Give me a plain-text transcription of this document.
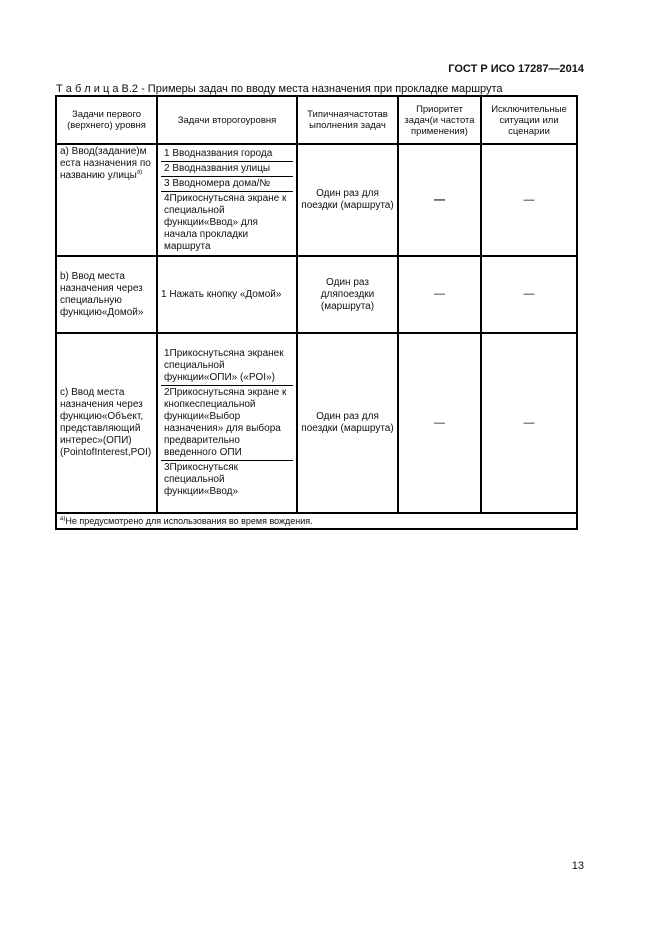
ГОСТ Р ИСО 17287—2014
Т а б л и ц а В.2 - Примеры задач по вводу места назначения при прокладке маршрута
Задачи первого (верхнего) уровня	Задачи второгоуровня	Типичнаячастотав ыполнения задач	Приоритет задач(и частота применения)	Исключительные ситуации или сценарии
a) Ввод(задание)м еста назначения по названию улицы$^{a)}$	1 Вводназвания города
2 Вводназвания улицы
3 Вводномера дома/№
4Прикоснутьсяна экране к специальной функции«Ввод» для начала прокладки маршрута	Один раз для поездки (маршрута)	—	—
b) Ввод места назначения через специальную функцию«Домой»	1 Нажать кнопку «Домой»	Один раз дляпоездки (маршрута)	—	—
c) Ввод места назначения через функцию«Объект, представляющий интерес»(ОПИ) (PointofInterest,POI)	1Прикоснутьсяна экранек специальной функции«ОПИ» («POI»)
2Прикоснутьсяна экране к кнопкеспециальной функции«Выбор назначения» для выбора предварительно введенного ОПИ
3Прикоснутьсяк специальной функции«Ввод»	Один раз для поездки (маршрута)	—	—
$^{a)}$Не предусмотрено для использования во время вождения.				
13
